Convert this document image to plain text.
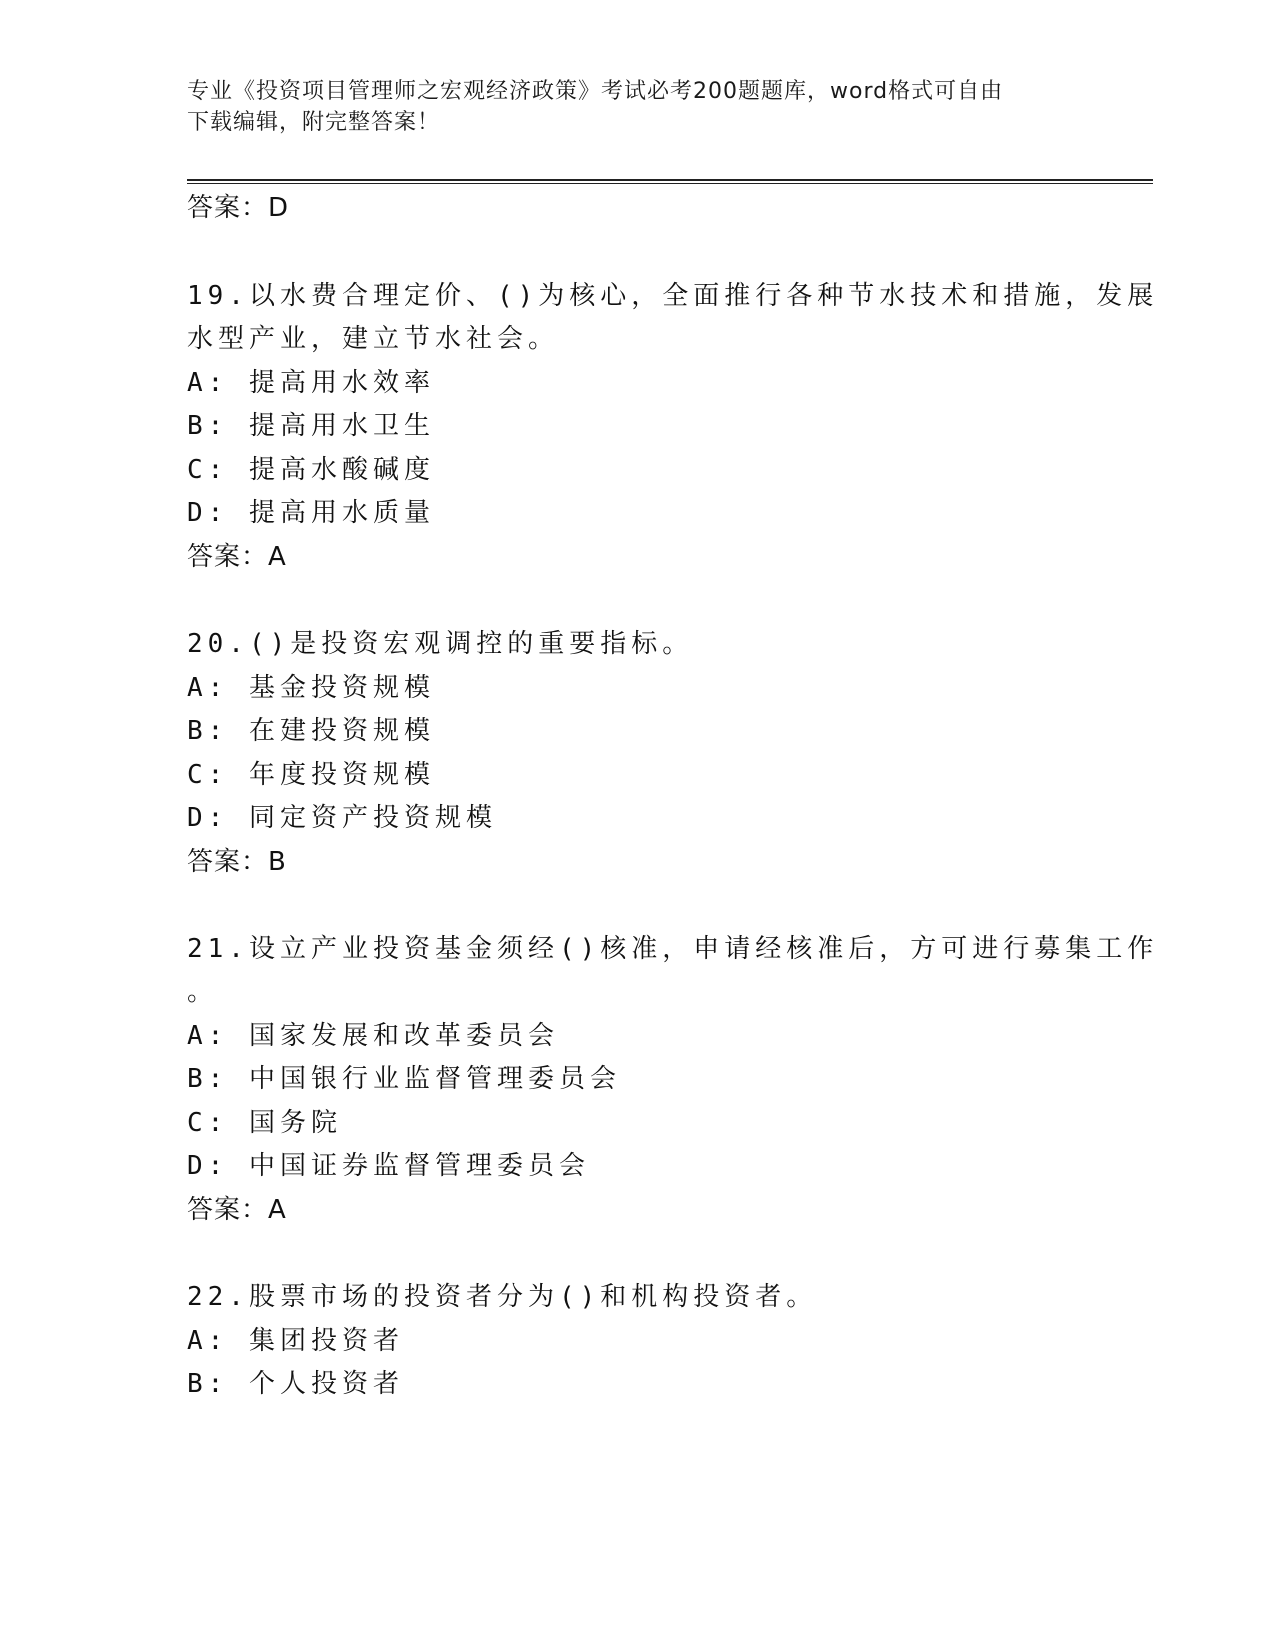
专业《投资项目管理师之宏观经济政策》考试必考200题题库，word格式可自由
下载编辑，附完整答案！
答案：D
19.以水费合理定价、()为核心，全面推行各种节水技术和措施，发展
水型产业，建立节水社会。
A: 提高用水效率
B: 提高用水卫生
C: 提高水酸碱度
D: 提高用水质量
答案：A
20.()是投资宏观调控的重要指标。
A: 基金投资规模
B: 在建投资规模
C: 年度投资规模
D: 同定资产投资规模
答案：B
21.设立产业投资基金须经()核准，申请经核准后，方可进行募集工作
。
A: 国家发展和改革委员会
B: 中国银行业监督管理委员会
C: 国务院
D: 中国证券监督管理委员会
答案：A
22.股票市场的投资者分为()和机构投资者。
A: 集团投资者
B: 个人投资者
